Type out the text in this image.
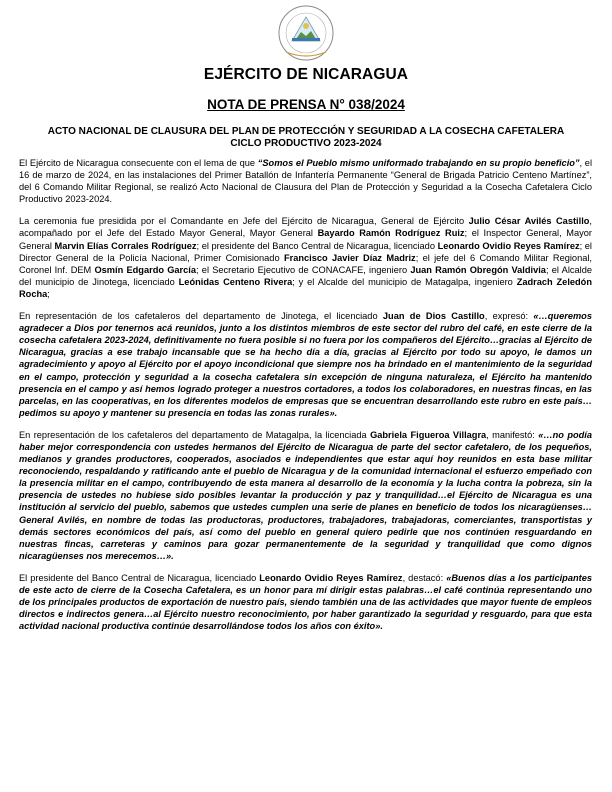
EJÉRCITO DE NICARAGUA
NOTA DE PRENSA N° 038/2024
ACTO NACIONAL DE CLAUSURA DEL PLAN DE PROTECCIÓN Y SEGURIDAD A LA COSECHA CAFETALERA CICLO PRODUCTIVO 2023-2024

El Ejército de Nicaragua consecuente con el lema de que “Somos el Pueblo mismo uniformado trabajando en su propio beneficio”, el 16 de marzo de 2024, en las instalaciones del Primer Batallón de Infantería Permanente “General de Brigada Patricio Centeno Martínez”, del 6 Comando Militar Regional, se realizó Acto Nacional de Clausura del Plan de Protección y Seguridad a la Cosecha Cafetalera Ciclo Productivo 2023-2024.

La ceremonia fue presidida por el Comandante en Jefe del Ejército de Nicaragua, General de Ejército Julio César Avilés Castillo, acompañado por el Jefe del Estado Mayor General, Mayor General Bayardo Ramón Rodríguez Ruiz; el Inspector General, Mayor General Marvin Elías Corrales Rodríguez; el presidente del Banco Central de Nicaragua, licenciado Leonardo Ovidio Reyes Ramírez; el Director General de la Policía Nacional, Primer Comisionado Francisco Javier Díaz Madriz; el jefe del 6 Comando Militar Regional, Coronel Inf. DEM Osmín Edgardo García; el Secretario Ejecutivo de CONACAFE, ingeniero Juan Ramón Obregón Valdivia; el Alcalde del municipio de Jinotega, licenciado Leónidas Centeno Rivera; y el Alcalde del municipio de Matagalpa, ingeniero Zadrach Zeledón Rocha;

En representación de los cafetaleros del departamento de Jinotega, el licenciado Juan de Dios Castillo, expresó: «…queremos agradecer a Dios por tenernos acá reunidos, junto a los distintos miembros de este sector del rubro del café, en este cierre de la cosecha cafetalera 2023-2024, definitivamente no fuera posible si no fuera por los compañeros del Ejército…gracias al Ejército de Nicaragua, gracias a ese trabajo incansable que se ha hecho día a día, gracias al Ejército por todo su apoyo, le damos un agradecimiento y apoyo al Ejército por el apoyo incondicional que siempre nos ha brindado en el mantenimiento de la seguridad en el campo, protección y seguridad a la cosecha cafetalera sin excepción de ninguna naturaleza, el Ejército ha mantenido presencia en el campo y así hemos logrado proteger a nuestros cortadores, a todos los colaboradores, en nuestras fincas, en las parcelas, en las cooperativas, en los diferentes modelos de empresas que se encuentran desarrollando este rubro en este país…pedimos su apoyo y mantener su presencia en todas las zonas rurales».

En representación de los cafetaleros del departamento de Matagalpa, la licenciada Gabriela Figueroa Villagra, manifestó: «…no podía haber mejor correspondencia con ustedes hermanos del Ejército de Nicaragua de parte del sector cafetalero, de los pequeños, medianos y grandes productores, cooperados, asociados e independientes que estar aquí hoy reunidos en esta base militar reconociendo, respaldando y ratificando ante el pueblo de Nicaragua y de la comunidad internacional el esfuerzo empeñado con la presencia militar en el campo, contribuyendo de esta manera al desarrollo de la economía y la lucha contra la pobreza, sin la presencia de ustedes no hubiese sido posibles levantar la producción y paz y tranquilidad…el Ejército de Nicaragua es una institución al servicio del pueblo, sabemos que ustedes cumplen una serie de planes en beneficio de todos los nicaragüenses…General Avilés, en nombre de todas las productoras, productores, trabajadores, trabajadoras, comerciantes, transportistas y demás sectores económicos del país, así como del pueblo en general quiero pedirle que nos continúen resguardando en nuestras fincas, carreteras y caminos para gozar permanentemente de la seguridad y tranquilidad que como dignos nicaragüenses nos merecemos…».

El presidente del Banco Central de Nicaragua, licenciado Leonardo Ovidio Reyes Ramírez, destacó: «Buenos días a los participantes de este acto de cierre de la Cosecha Cafetalera, es un honor para mí dirigir estas palabras…el café continúa representando uno de los principales productos de exportación de nuestro país, siendo también una de las actividades que mayor fuente de empleos directos e indirectos genera…al Ejército nuestro reconocimiento, por haber garantizado la seguridad y resguardo, para que esta actividad nacional productiva continúe desarrollándose todos los años con éxito».
